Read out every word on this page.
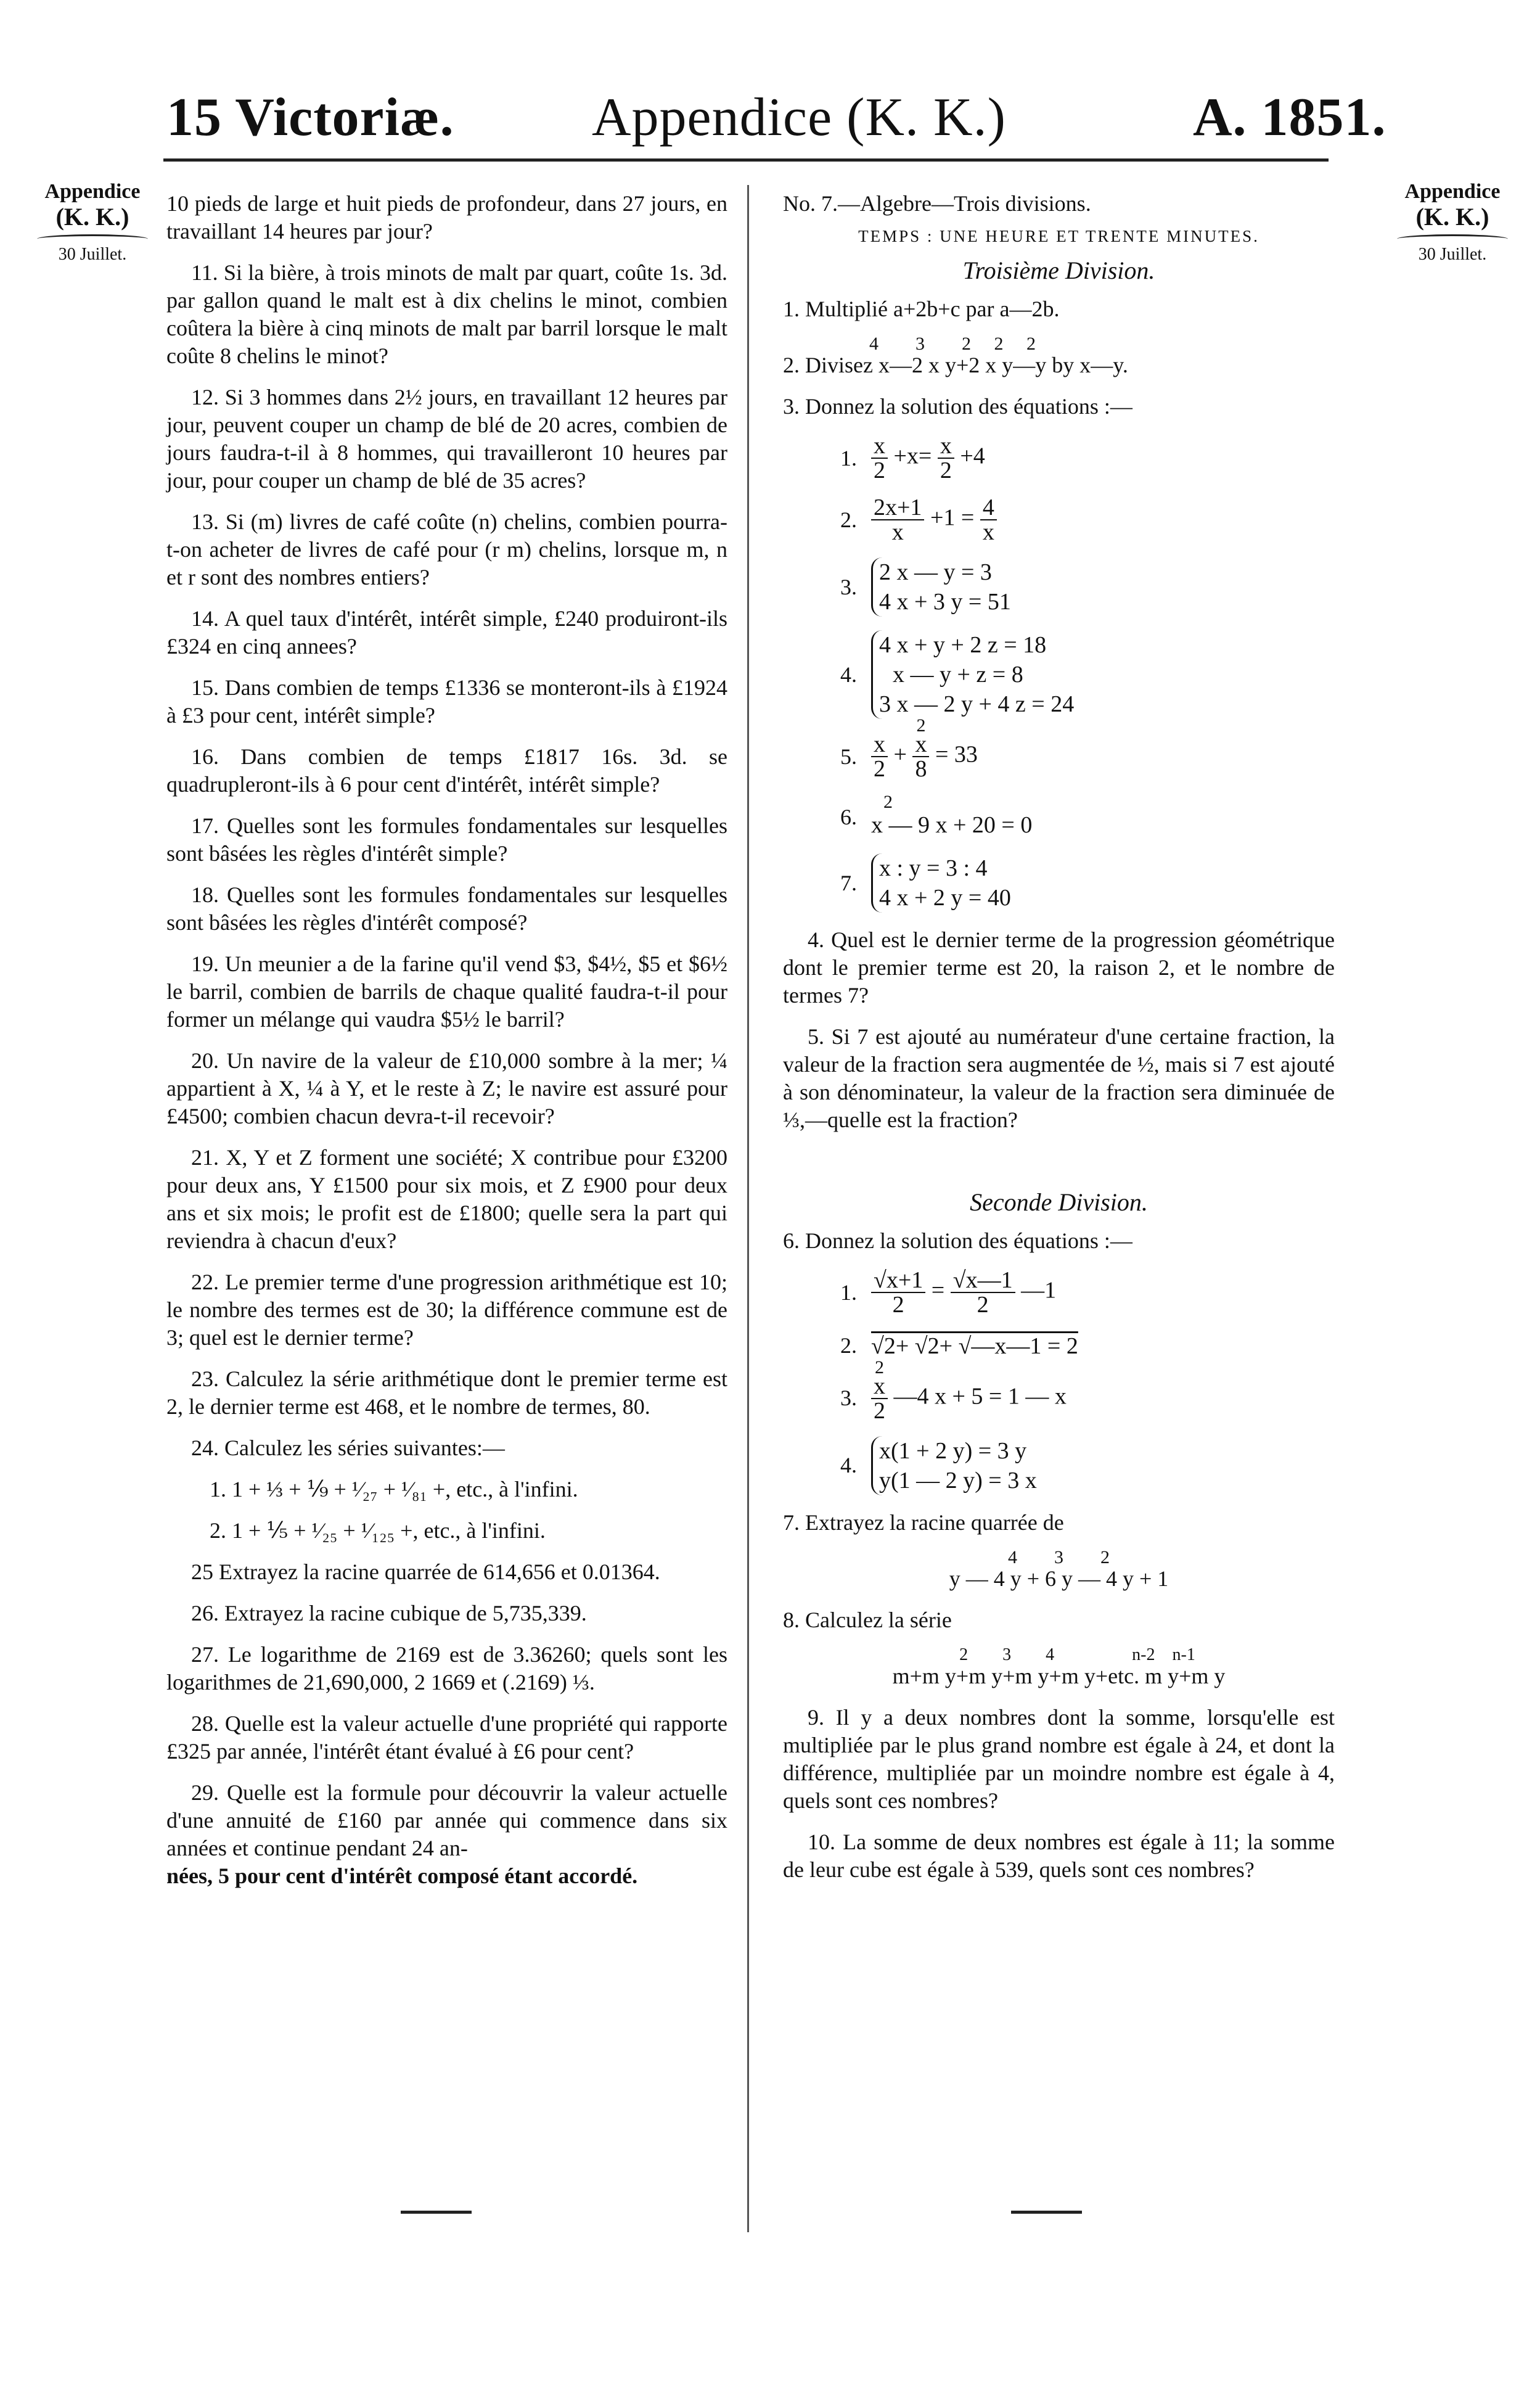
15 Victoriæ.	Appendice (K. K.)	A. 1851.
Appendice
(K. K.)
30 Juillet.
Appendice
(K. K.)
30 Juillet.

10 pieds de large et huit pieds de profondeur, dans 27 jours, en travaillant 14 heures par jour?

11. Si la bière, à trois minots de malt par quart, coûte 1s. 3d. par gallon quand le malt est à dix chelins le minot, combien coûtera la bière à cinq minots de malt par barril lorsque le malt coûte 8 chelins le minot?

12. Si 3 hommes dans 2½ jours, en travaillant 12 heures par jour, peuvent couper un champ de blé de 20 acres, combien de jours faudra-t-il à 8 hommes, qui travailleront 10 heures par jour, pour couper un champ de blé de 35 acres?

13. Si (m) livres de café coûte (n) chelins, combien pourra-t-on acheter de livres de café pour (r m) chelins, lorsque m, n et r sont des nombres entiers?

14. A quel taux d'intérêt, intérêt simple, £240 produiront-ils £324 en cinq annees?

15. Dans combien de temps £1336 se monteront-ils à £1924 à £3 pour cent, intérêt simple?

16. Dans combien de temps £1817 16s. 3d. se quadrupleront-ils à 6 pour cent d'intérêt, intérêt simple?

17. Quelles sont les formules fondamentales sur lesquelles sont bâsées les règles d'intérêt simple?

18. Quelles sont les formules fondamentales sur lesquelles sont bâsées les règles d'intérêt composé?

19. Un meunier a de la farine qu'il vend $3, $4½, $5 et $6½ le barril, combien de barrils de chaque qualité faudra-t-il pour former un mélange qui vaudra $5½ le barril?

20. Un navire de la valeur de £10,000 sombre à la mer; ¼ appartient à X, ¼ à Y, et le reste à Z; le navire est assuré pour £4500; combien chacun devra-t-il recevoir?

21. X, Y et Z forment une société; X contribue pour £3200 pour deux ans, Y £1500 pour six mois, et Z £900 pour deux ans et six mois; le profit est de £1800; quelle sera la part qui reviendra à chacun d'eux?

22. Le premier terme d'une progression arithmétique est 10; le nombre des termes est de 30; la différence commune est de 3; quel est le dernier terme?

23. Calculez la série arithmétique dont le premier terme est 2, le dernier terme est 468, et le nombre de termes, 80.

24. Calculez les séries suivantes:—

1. 1 + ⅓ + ⅑ + ¹⁄₂₇ + ¹⁄₈₁ +, etc., à l'infini.

2. 1 + ⅕ + ¹⁄₂₅ + ¹⁄₁₂₅ +, etc., à l'infini.

25 Extrayez la racine quarrée de 614,656 et 0.01364.

26. Extrayez la racine cubique de 5,735,339.

27. Le logarithme de 2169 est de 3.36260; quels sont les logarithmes de 21,690,000, 2 1669 et (.2169) ⅓.

28. Quelle est la valeur actuelle d'une propriété qui rapporte £325 par année, l'intérêt étant évalué à £6 pour cent?

29. Quelle est la formule pour découvrir la valeur actuelle d'une annuité de £160 par année qui commence dans six années et continue pendant 24 an-

nées, 5 pour cent d'intérêt composé étant accordé.

No. 7.—Algebre—Trois divisions.

TEMPS : UNE HEURE ET TRENTE MINUTES.
Troisième Division.

1. Multiplié a+2b+c par a—2b.

4        3        2     2     2

2. Divisez x—2 x y+2 x y—y by x—y.

3. Donnez la solution des équations :—

1. $\frac{x}{2} +x= \frac{x}{2} +4$
2. $\frac{2x+1}{x} +1 = \frac{4}{x}$
3.
2 x — y = 3
4 x + 3 y = 51
4.
4 x + y + 2 z = 18
x — y + z = 8
3 x — 2 y + 4 z = 24
5. $\frac{x}{2}$ +
2
x
8
= 33
6.
2
x — 9 x + 20 = 0
7.
x : y = 3 : 4
4 x + 2 y = 40

4. Quel est le dernier terme de la progression géométrique dont le premier terme est 20, la raison 2, et le nombre de termes 7?

5. Si 7 est ajouté au numérateur d'une certaine fraction, la valeur de la fraction sera augmentée de ½, mais si 7 est ajouté à son dénominateur, la valeur de la fraction sera diminuée de ⅓,—quelle est la fraction?

Seconde Division.

6. Donnez la solution des équations :—

1. $\frac{√x+1}{2} = \frac{√x—1}{2}$ —1
2. √2+ √2+ √—x—1 = 2
3.
2
x
2
—4 x + 5 = 1 — x
4.
x(1 + 2 y) = 3 y
y(1 — 2 y) = 3 x

7. Extrayez la racine quarrée de

4        3        2
y — 4 y + 6 y — 4 y + 1

8. Calculez la série

2        3        4                  n-2    n-1
m+m y+m y+m y+m y+etc. m y+m y

9. Il y a deux nombres dont la somme, lorsqu'elle est multipliée par le plus grand nombre est égale à 24, et dont la différence, multipliée par un moindre nombre est égale à 4, quels sont ces nombres?

10. La somme de deux nombres est égale à 11; la somme de leur cube est égale à 539, quels sont ces nombres?
